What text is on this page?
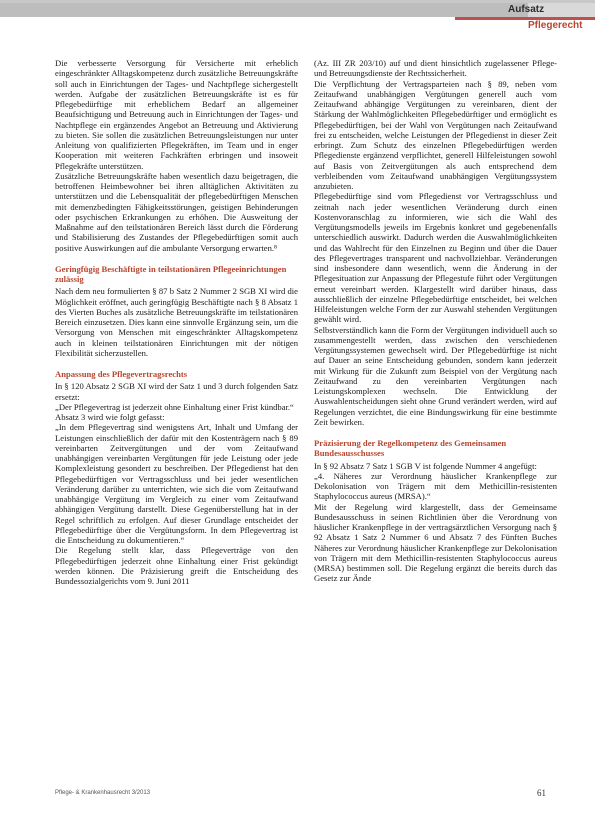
Aufsatz
Pflegerecht

Die verbesserte Versorgung für Versicherte mit erheblich eingeschränkter Alltagskompetenz durch zusätzliche Betreuungskräfte soll auch in Einrichtungen der Tages- und Nachtpflege sichergestellt werden. Aufgabe der zusätzlichen Betreuungskräfte ist es für Pflegebedürftige mit erheblichem Bedarf an allgemeiner Beaufsichtigung und Betreuung auch in Einrichtungen der Tages- und Nachtpflege ein ergänzendes Angebot an Betreuung und Aktivierung zu bieten. Sie sollen die zusätzlichen Betreuungsleistungen nur unter Anleitung von qualifizierten Pflegekräften, im Team und in enger Kooperation mit weiteren Fachkräften erbringen und insoweit Pflegekräfte unterstützen.

Zusätzliche Betreuungskräfte haben wesentlich dazu beigetragen, die betroffenen Heimbewohner bei ihren alltäglichen Aktivitäten zu unterstützen und die Lebensqualität der pflegebedürftigen Menschen mit demenzbedingten Fähigkeitsstörungen, geistigen Behinderungen oder psychischen Erkrankungen zu erhöhen. Die Ausweitung der Maßnahme auf den teilstationären Bereich lässt durch die Förderung und Stabilisierung des Zustandes der Pflegebedürftigen somit auch positive Auswirkungen auf die ambulante Versorgung erwarten.⁸

Geringfügig Beschäftigte in teilstationären Pflegeeinrichtungen zulässig

Nach dem neu formulierten § 87 b Satz 2 Nummer 2 SGB XI wird die Möglichkeit eröffnet, auch geringfügig Beschäftigte nach § 8 Absatz 1 des Vierten Buches als zusätzliche Betreuungskräfte im teilstationären Bereich einzusetzen. Dies kann eine sinnvolle Ergänzung sein, um die Versorgung von Menschen mit eingeschränkter Alltagskompetenz auch in kleinen teilstationären Einrichtungen mit der nötigen Flexibilität sicherzustellen.

Anpassung des Pflegevertragsrechts

In § 120 Absatz 2 SGB XI wird der Satz 1 und 3 durch folgenden Satz ersetzt:

„Der Pflegevertrag ist jederzeit ohne Einhaltung einer Frist kündbar.“

Absatz 3 wird wie folgt gefasst:

„In dem Pflegevertrag sind wenigstens Art, Inhalt und Umfang der Leistungen einschließlich der dafür mit den Kostenträgern nach § 89 vereinbarten Zeitvergütungen und der vom Zeitaufwand unabhängigen vereinbarten Vergütungen für jede Leistung oder jede Komplexleistung gesondert zu beschreiben. Der Pflegedienst hat den Pflegebedürftigen vor Vertragsschluss und bei jeder wesentlichen Veränderung darüber zu unterrichten, wie sich die vom Zeitaufwand unabhängige Vergütung im Vergleich zu einer vom Zeitaufwand abhängigen Vergütung darstellt. Diese Gegenüberstellung hat in der Regel schriftlich zu erfolgen. Auf dieser Grundlage entscheidet der Pflegebedürftige über die Vergütungsform. In dem Pflegevertrag ist die Entscheidung zu dokumentieren.“

Die Regelung stellt klar, dass Pflegeverträge von den Pflegebedürftigen jederzeit ohne Einhaltung einer Frist gekündigt werden können. Die Präzisierung greift die Entscheidung des Bundessozialgerichts vom 9. Juni 2011

(Az. III ZR 203/10) auf und dient hinsichtlich zugelassener Pflege- und Betreuungsdienste der Rechtssicherheit.

Die Verpflichtung der Vertragsparteien nach § 89, neben vom Zeitaufwand unabhängigen Vergütungen generell auch vom Zeitaufwand abhängige Vergütungen zu vereinbaren, dient der Stärkung der Wahlmöglichkeiten Pflegebedürftiger und ermöglicht es Pflegebedürftigen, bei der Wahl von Vergütungen nach Zeitaufwand frei zu entscheiden, welche Leistungen der Pflegedienst in dieser Zeit erbringt. Zum Schutz des einzelnen Pflegebedürftigen werden Pflegedienste ergänzend verpflichtet, generell Hilfeleistungen sowohl auf Basis von Zeitvergütungen als auch entsprechend dem verbleibenden vom Zeitaufwand unabhängigen Vergütungssystem anzubieten.

Pflegebedürftige sind vom Pflegedienst vor Vertragsschluss und zeitnah nach jeder wesentlichen Veränderung durch einen Kostenvoranschlag zu informieren, wie sich die Wahl des Vergütungsmodells jeweils im Ergebnis konkret und gegebenenfalls unterschiedlich auswirkt. Dadurch werden die Auswahlmöglichkeiten und das Wahlrecht für den Einzelnen zu Beginn und über die Dauer des Pflegevertrages transparent und nachvollziehbar. Veränderungen sind insbesondere dann wesentlich, wenn die Änderung in der Pflegesituation zur Anpassung der Pflegestufe führt oder Vergütungen erneut vereinbart werden. Klargestellt wird darüber hinaus, dass ausschließlich der einzelne Pflegebedürftige entscheidet, bei welchen Hilfeleistungen welche Form der zur Auswahl stehenden Vergütungen gewählt wird.

Selbstverständlich kann die Form der Vergütungen individuell auch so zusammengestellt werden, dass zwischen den verschiedenen Vergütungssystemen gewechselt wird. Der Pflegebedürftige ist nicht auf Dauer an seine Entscheidung gebunden, sondern kann jederzeit mit Wirkung für die Zukunft zum Beispiel von der Vergütung nach Zeitaufwand zu den vereinbarten Vergütungen nach Leistungskomplexen wechseln. Die Entwicklung der Auswahlentscheidungen sieht ohne Grund verändert werden, wird auf Regelungen verzichtet, die eine Bindungswirkung für eine bestimmte Zeit bewirken.

Präzisierung der Regelkompetenz des Gemeinsamen Bundesausschusses

In § 92 Absatz 7 Satz 1 SGB V ist folgende Nummer 4 angefügt:

„4. Näheres zur Verordnung häuslicher Krankenpflege zur Dekolonisation von Trägern mit dem Methicillin-resistenten Staphylococcus aureus (MRSA).“

Mit der Regelung wird klargestellt, dass der Gemeinsame Bundesausschuss in seinen Richtlinien über die Verordnung von häuslicher Krankenpflege in der vertragsärztlichen Versorgung nach § 92 Absatz 1 Satz 2 Nummer 6 und Absatz 7 des Fünften Buches Näheres zur Verordnung häuslicher Krankenpflege zur Dekolonisation von Trägern mit dem Methicillin-resistenten Staphylococcus aureus (MRSA) bestimmen soll. Die Regelung ergänzt die bereits durch das Gesetz zur Ände

Pflege- & Krankenhausrecht 3/2013	61
